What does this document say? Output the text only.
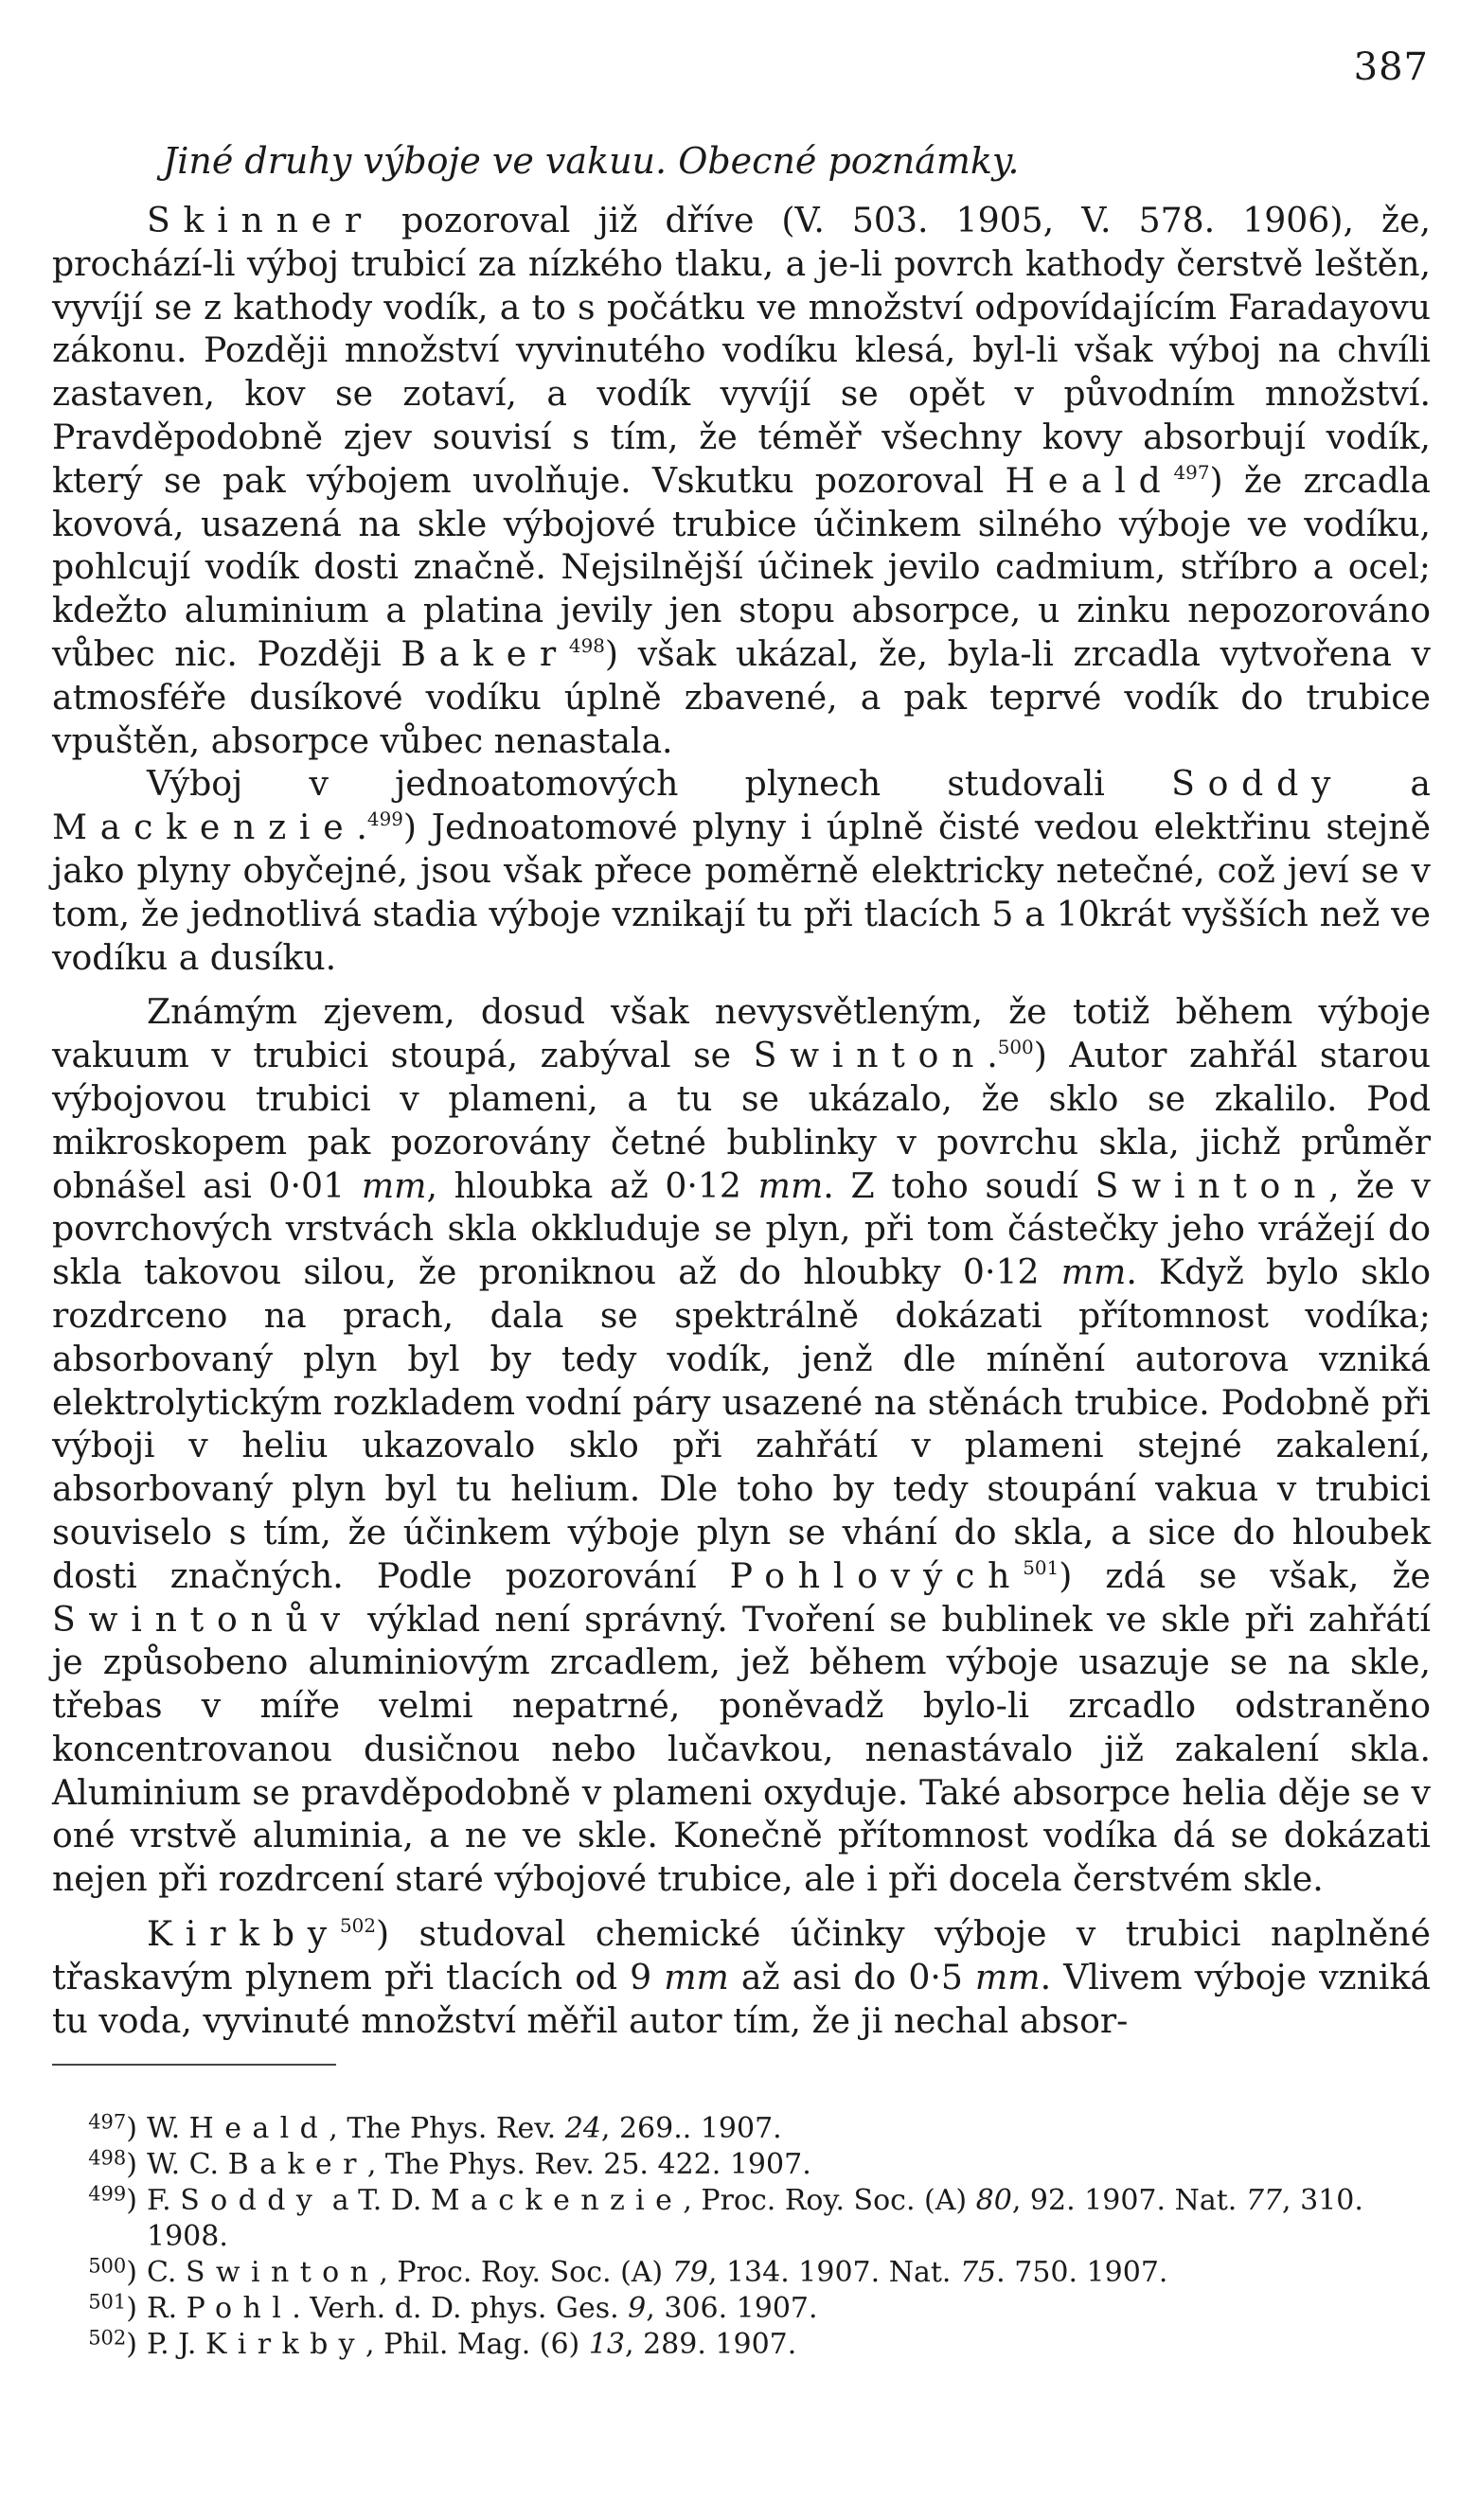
387
Jiné druhy výboje ve vakuu. Obecné poznámky.

Skinner pozoroval již dříve (V. 503. 1905, V. 578. 1906), že, prochází-li výboj trubicí za nízkého tlaku, a je-li povrch kathody čerstvě leštěn, vyvíjí se z kathody vodík, a to s počátku ve množství odpovídajícím Faradayovu zákonu. Později množství vyvinutého vodíku klesá, byl-li však výboj na chvíli zastaven, kov se zotaví, a vodík vyvíjí se opět v původním množství. Pravděpodobně zjev souvisí s tím, že téměř všechny kovy absorbují vodík, který se pak výbojem uvolňuje. Vskutku pozoroval Heald$^{497}$) že zrcadla kovová, usazená na skle výbojové trubice účinkem silného výboje ve vodíku, pohlcují vodík dosti značně. Nejsilnější účinek jevilo cadmium, stříbro a ocel; kdežto aluminium a platina jevily jen stopu absorpce, u zinku nepozorováno vůbec nic. Později Baker$^{498}$) však ukázal, že, byla-li zrcadla vytvořena v atmosféře dusíkové vodíku úplně zbavené, a pak teprvé vodík do trubice vpuštěn, absorpce vůbec nenastala.

Výboj v jednoatomových plynech studovali Soddy a Mackenzie.$^{499}$) Jednoatomové plyny i úplně čisté vedou elektřinu stejně jako plyny obyčejné, jsou však přece poměrně elektricky netečné, což jeví se v tom, že jednotlivá stadia výboje vznikají tu při tlacích 5 a 10krát vyšších než ve vodíku a dusíku.

Známým zjevem, dosud však nevysvětleným, že totiž během výboje vakuum v trubici stoupá, zabýval se Swinton.$^{500}$) Autor zahřál starou výbojovou trubici v plameni, a tu se ukázalo, že sklo se zkalilo. Pod mikroskopem pak pozorovány četné bublinky v povrchu skla, jichž průměr obnášel asi 0·01 mm, hloubka až 0·12 mm. Z toho soudí Swinton, že v povrchových vrstvách skla okkluduje se plyn, při tom částečky jeho vrážejí do skla takovou silou, že proniknou až do hloubky 0·12 mm. Když bylo sklo rozdrceno na prach, dala se spektrálně dokázati přítomnost vodíka; absorbovaný plyn byl by tedy vodík, jenž dle mínění autorova vzniká elektrolytickým rozkladem vodní páry usazené na stěnách trubice. Podobně při výboji v heliu ukazovalo sklo při zahřátí v plameni stejné zakalení, absorbovaný plyn byl tu helium. Dle toho by tedy stoupání vakua v trubici souviselo s tím, že účinkem výboje plyn se vhání do skla, a sice do hloubek dosti značných. Podle pozorování Pohlových$^{501}$) zdá se však, že Swintonův výklad není správný. Tvoření se bublinek ve skle při zahřátí je způsobeno aluminiovým zrcadlem, jež během výboje usazuje se na skle, třebas v míře velmi nepatrné, poněvadž bylo-li zrcadlo odstraněno koncentrovanou dusičnou nebo lučavkou, nenastávalo již zakalení skla. Aluminium se pravděpodobně v plameni oxyduje. Také absorpce helia děje se v oné vrstvě aluminia, a ne ve skle. Konečně přítomnost vodíka dá se dokázati nejen při rozdrcení staré výbojové trubice, ale i při docela čerstvém skle.

Kirkby$^{502}$) studoval chemické účinky výboje v trubici naplněné třaskavým plynem při tlacích od 9 mm až asi do 0·5 mm. Vlivem výboje vzniká tu voda, vyvinuté množství měřil autor tím, že ji nechal absor-

$^{497}$) W. Heald, The Phys. Rev. 24, 269.. 1907.
$^{498}$) W. C. Baker, The Phys. Rev. 25. 422. 1907.
$^{499}$) F. Soddy a T. D. Mackenzie, Proc. Roy. Soc. (A) 80, 92. 1907. Nat. 77, 310. 1908.
$^{500}$) C. Swinton, Proc. Roy. Soc. (A) 79, 134. 1907. Nat. 75. 750. 1907.
$^{501}$) R. Pohl. Verh. d. D. phys. Ges. 9, 306. 1907.
$^{502}$) P. J. Kirkby, Phil. Mag. (6) 13, 289. 1907.
